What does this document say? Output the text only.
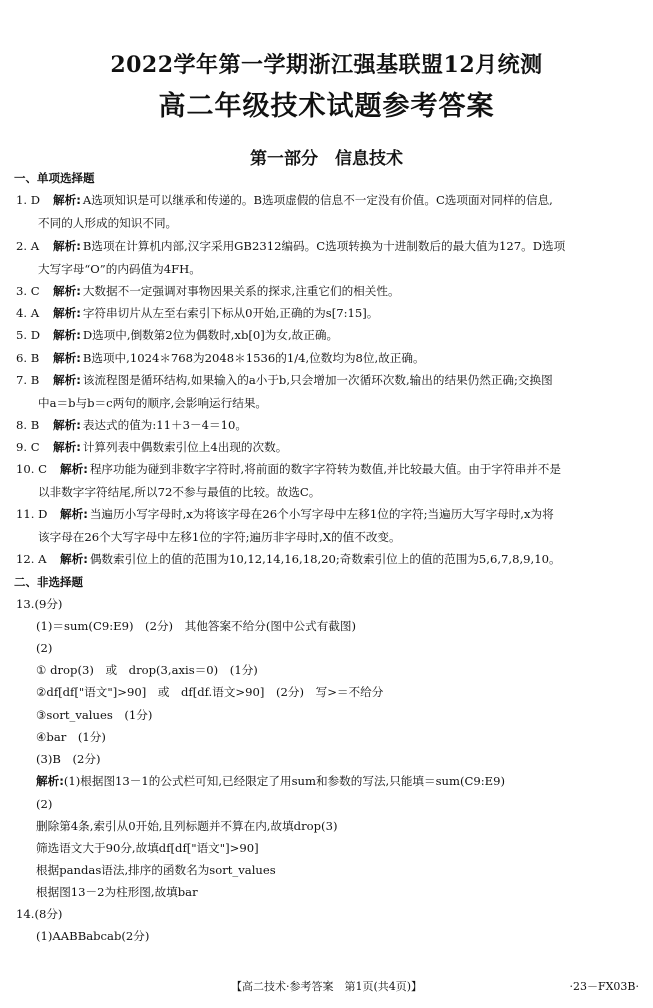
2022学年第一学期浙江强基联盟12月统测
高二年级技术试题参考答案
第一部分　信息技术
一、单项选择题
1. D 解析: A选项知识是可以继承和传递的。B选项虚假的信息不一定没有价值。C选项面对同样的信息,
不同的人形成的知识不同。
2. A 解析: B选项在计算机内部,汉字采用GB2312编码。C选项转换为十进制数后的最大值为127。D选项
大写字母“O”的内码值为4FH。
3. C 解析: 大数据不一定强调对事物因果关系的探求,注重它们的相关性。
4. A 解析: 字符串切片从左至右索引下标从0开始,正确的为s[7:15]。
5. D 解析: D选项中,倒数第2位为偶数时,xb[0]为女,故正确。
6. B 解析: B选项中,1024＊768为2048＊1536的1/4,位数均为8位,故正确。
7. B 解析: 该流程图是循环结构,如果输入的a小于b,只会增加一次循环次数,输出的结果仍然正确;交换图
中a＝b与b＝c两句的顺序,会影响运行结果。
8. B 解析: 表达式的值为:11＋3－4＝10。
9. C 解析: 计算列表中偶数索引位上4出现的次数。
10. C 解析: 程序功能为碰到非数字字符时,将前面的数字字符转为数值,并比较最大值。由于字符串并不是
以非数字字符结尾,所以72不参与最值的比较。故选C。
11. D 解析: 当遍历小写字母时,x为将该字母在26个小写字母中左移1位的字符;当遍历大写字母时,x为将
该字母在26个大写字母中左移1位的字符;遍历非字母时,X的值不改变。
12. A 解析: 偶数索引位上的值的范围为10,12,14,16,18,20;奇数索引位上的值的范围为5,6,7,8,9,10。
二、非选择题
13.(9分)
(1)＝sum(C9:E9)　(2分)　其他答案不给分(图中公式有截图)
(2)
① drop(3)　或　drop(3,axis＝0)　(1分)
②df[df["语文"]>90]　或　df[df.语文>90]　(2分)　写>＝不给分
③sort_values　(1分)
④bar　(1分)
(3)B　(2分)
解析:(1)根据图13－1的公式栏可知,已经限定了用sum和参数的写法,只能填＝sum(C9:E9)
(2)
删除第4条,索引从0开始,且列标题并不算在内,故填drop(3)
筛选语文大于90分,故填df[df["语文"]>90]
根据pandas语法,排序的函数名为sort_values
根据图13－2为柱形图,故填bar
14.(8分)
(1)AABBabcab(2分)
【高二技术·参考答案　第1页(共4页)】	·23－FX03B·
